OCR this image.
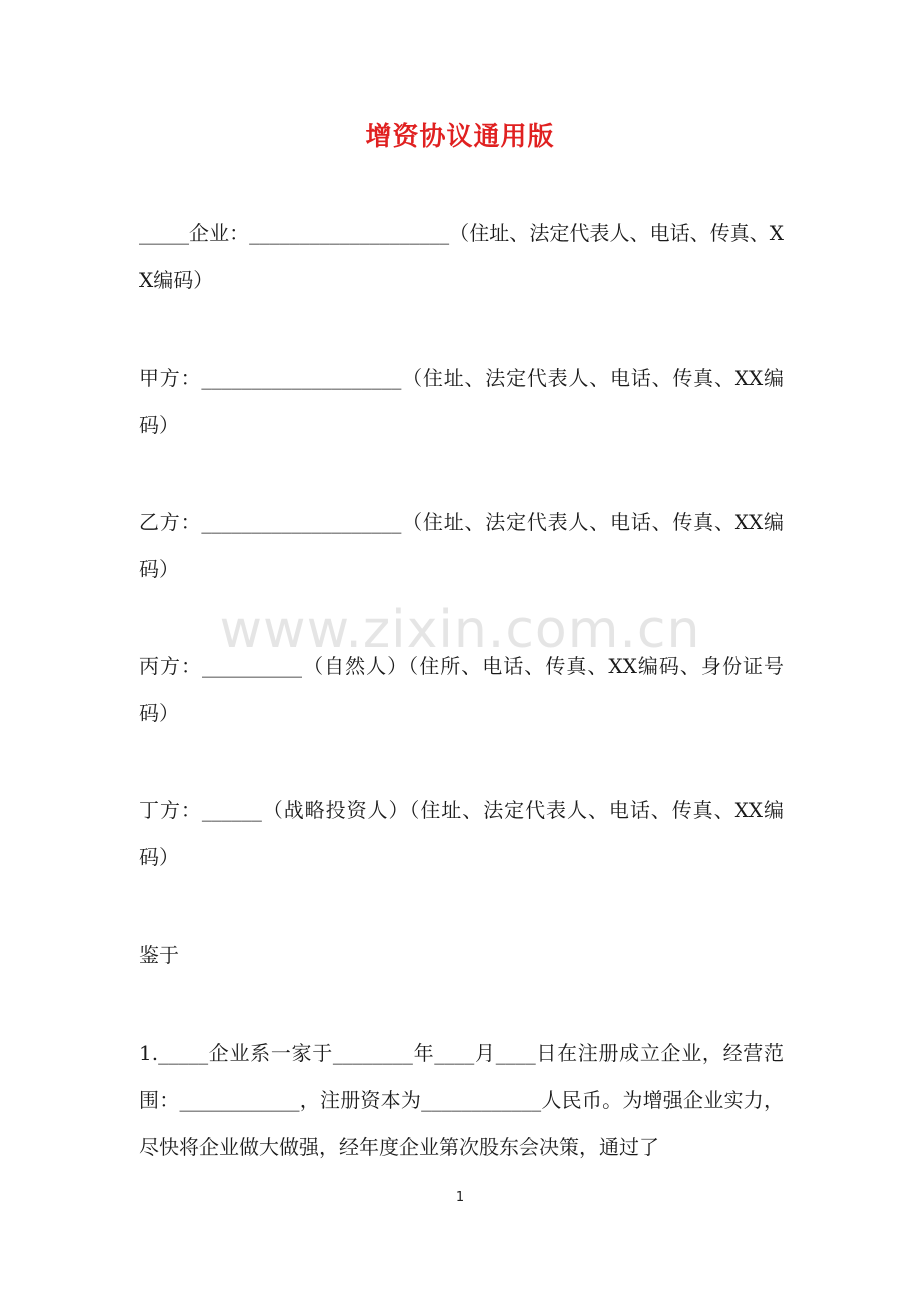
增资协议通用版
_____企业：____________________（住址、法定代表人、电话、传真、XX编码）
甲方：____________________（住址、法定代表人、电话、传真、XX编码）
乙方：____________________（住址、法定代表人、电话、传真、XX编码）
丙方：__________（自然人）（住所、电话、传真、XX编码、身份证号码）
丁方：______（战略投资人）（住址、法定代表人、电话、传真、XX编码）
鉴于
1._____企业系一家于________年____月____日在注册成立企业，经营范围：____________，注册资本为____________人民币。为增强企业实力，尽快将企业做大做强，经年度企业第次股东会决策，通过了
www.zixin.com.cn
1
